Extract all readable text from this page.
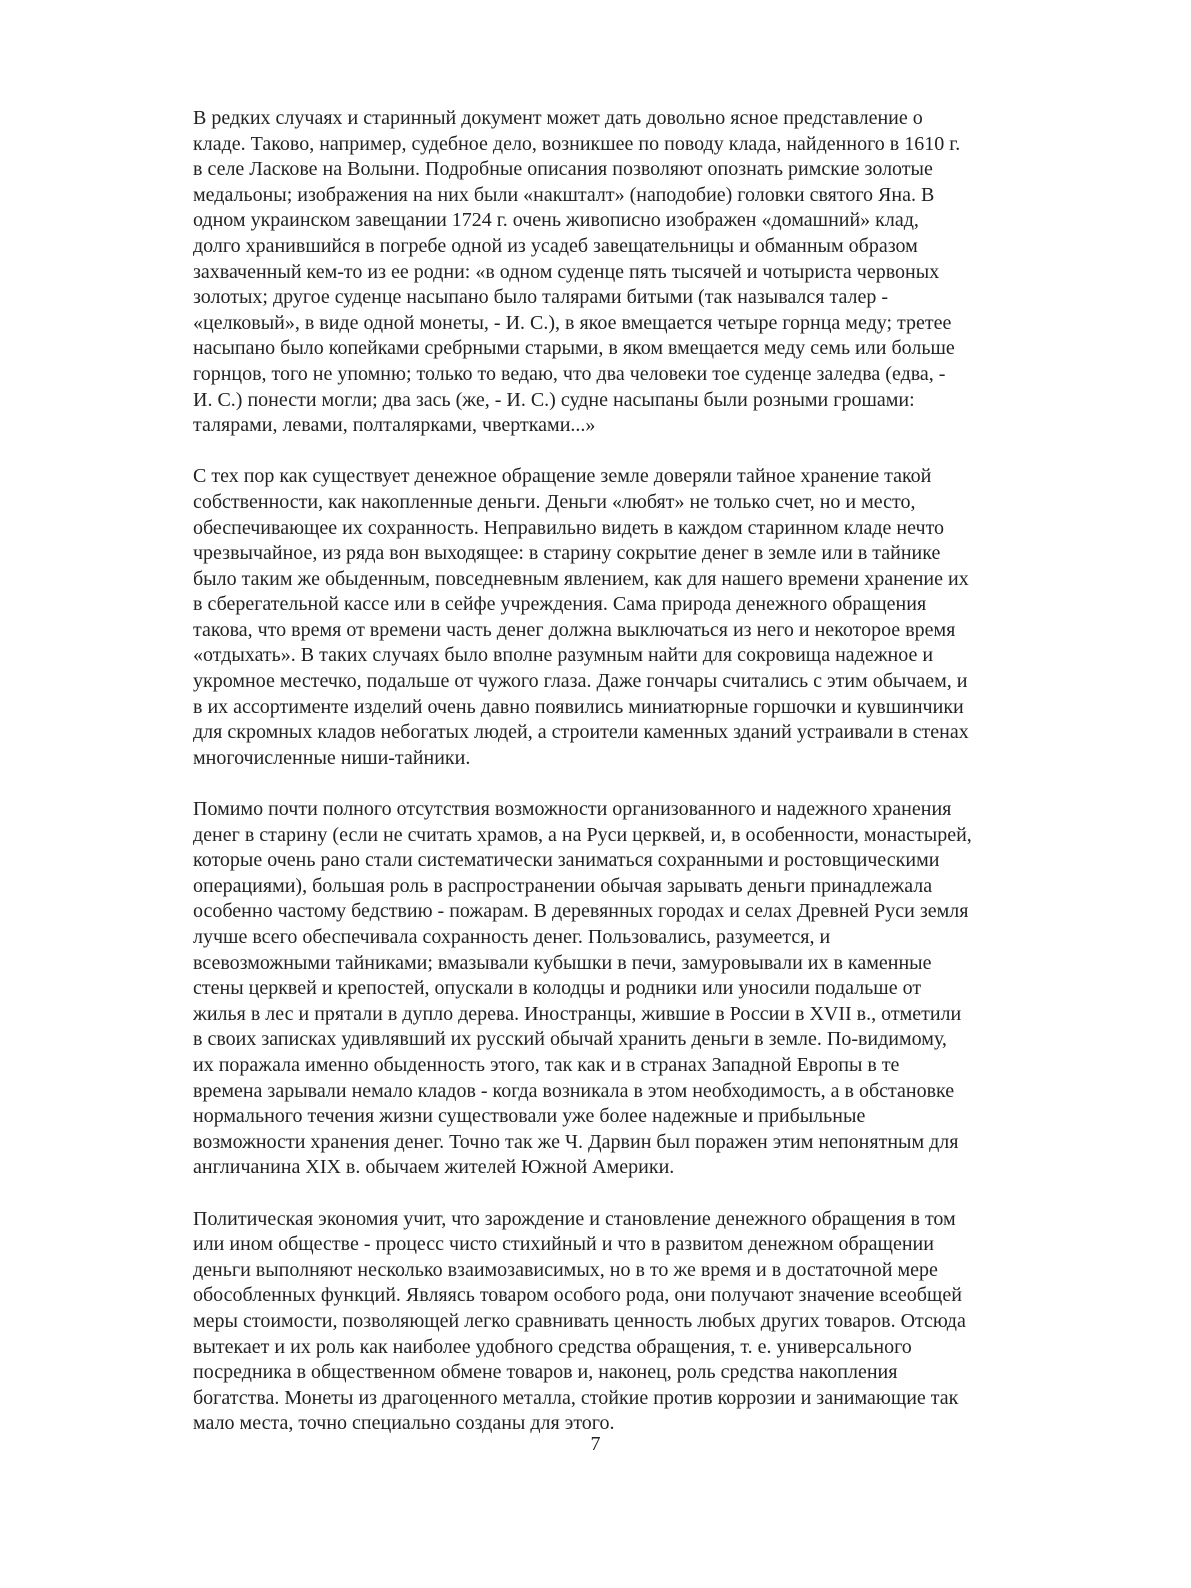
В редких случаях и старинный документ может дать довольно ясное представление о
кладе. Таково, например, судебное дело, возникшее по поводу клада, найденного в 1610 г.
в селе Ласкове на Волыни. Подробные описания позволяют опознать римские золотые
медальоны; изображения на них были «накшталт» (наподобие) головки святого Яна. В
одном украинском завещании 1724 г. очень живописно изображен «домашний» клад,
долго хранившийся в погребе одной из усадеб завещательницы и обманным образом
захваченный кем-то из ее родни: «в одном суденце пять тысячей и чотыриста червоных
золотых; другое суденце насыпано было талярами битыми (так назывался талер -
«целковый», в виде одной монеты, - И. С.), в якое вмещается четыре горнца меду; третее
насыпано было копейками сребрными старыми, в яком вмещается меду семь или больше
горнцов, того не упомню; только то ведаю, что два человеки тое суденце заледва (едва, -
И. С.) понести могли; два зась (же, - И. С.) судне насыпаны были розными грошами:
талярами, левами, полталярками, чвертками...»
С тех пор как существует денежное обращение земле доверяли тайное хранение такой
собственности, как накопленные деньги. Деньги «любят» не только счет, но и место,
обеспечивающее их сохранность. Неправильно видеть в каждом старинном кладе нечто
чрезвычайное, из ряда вон выходящее: в старину сокрытие денег в земле или в тайнике
было таким же обыденным, повседневным явлением, как для нашего времени хранение их
в сберегательной кассе или в сейфе учреждения. Сама природа денежного обращения
такова, что время от времени часть денег должна выключаться из него и некоторое время
«отдыхать». В таких случаях было вполне разумным найти для сокровища надежное и
укромное местечко, подальше от чужого глаза. Даже гончары считались с этим обычаем, и
в их ассортименте изделий очень давно появились миниатюрные горшочки и кувшинчики
для скромных кладов небогатых людей, а строители каменных зданий устраивали в стенах
многочисленные ниши-тайники.
Помимо почти полного отсутствия возможности организованного и надежного хранения
денег в старину (если не считать храмов, а на Руси церквей, и, в особенности, монастырей,
которые очень рано стали систематически заниматься сохранными и ростовщическими
операциями), большая роль в распространении обычая зарывать деньги принадлежала
особенно частому бедствию - пожарам. В деревянных городах и селах Древней Руси земля
лучше всего обеспечивала сохранность денег. Пользовались, разумеется, и
всевозможными тайниками; вмазывали кубышки в печи, замуровывали их в каменные
стены церквей и крепостей, опускали в колодцы и родники или уносили подальше от
жилья в лес и прятали в дупло дерева. Иностранцы, жившие в России в XVII в., отметили
в своих записках удивлявший их русский обычай хранить деньги в земле. По-видимому,
их поражала именно обыденность этого, так как и в странах Западной Европы в те
времена зарывали немало кладов - когда возникала в этом необходимость, а в обстановке
нормального течения жизни существовали уже более надежные и прибыльные
возможности хранения денег. Точно так же Ч. Дарвин был поражен этим непонятным для
англичанина XIX в. обычаем жителей Южной Америки.
Политическая экономия учит, что зарождение и становление денежного обращения в том
или ином обществе - процесс чисто стихийный и что в развитом денежном обращении
деньги выполняют несколько взаимозависимых, но в то же время и в достаточной мере
обособленных функций. Являясь товаром особого рода, они получают значение всеобщей
меры стоимости, позволяющей легко сравнивать ценность любых других товаров. Отсюда
вытекает и их роль как наиболее удобного средства обращения, т. е. универсального
посредника в общественном обмене товаров и, наконец, роль средства накопления
богатства. Монеты из драгоценного металла, стойкие против коррозии и занимающие так
мало места, точно специально созданы для этого.
7
